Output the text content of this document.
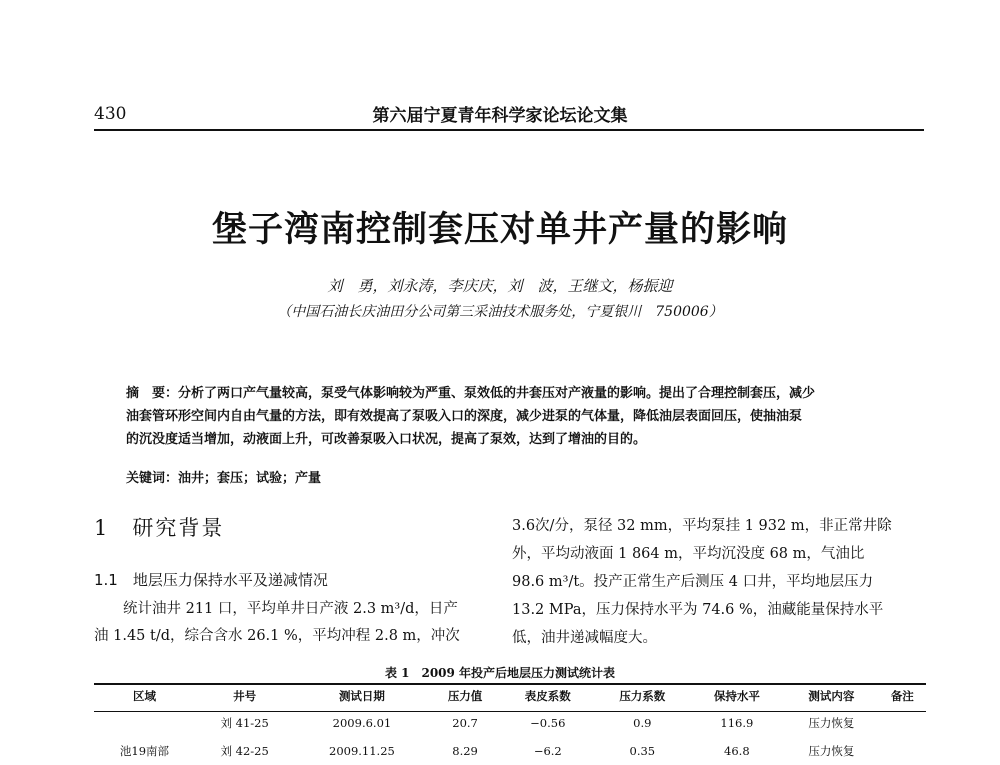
430	第六届宁夏青年科学家论坛论文集
堡子湾南控制套压对单井产量的影响
刘　勇，刘永涛，李庆庆，刘　波，王继文，杨振迎
（中国石油长庆油田分公司第三采油技术服务处，宁夏银川　750006）
摘　要：分析了两口产气量较高，泵受气体影响较为严重、泵效低的井套压对产液量的影响。提出了合理控制套压，减少
油套管环形空间内自由气量的方法，即有效提高了泵吸入口的深度，减少进泵的气体量，降低油层表面回压，使抽油泵
的沉没度适当增加，动液面上升，可改善泵吸入口状况，提高了泵效，达到了增油的目的。
关键词：油井；套压；试验；产量
1　研究背景
1.1　地层压力保持水平及递减情况
　　统计油井 211 口，平均单井日产液 2.3 m³/d，日产
油 1.45 t/d，综合含水 26.1 %，平均冲程 2.8 m，冲次
3.6次/分，泵径 32 mm，平均泵挂 1 932 m，非正常井除
外，平均动液面 1 864 m，平均沉没度 68 m，气油比
98.6 m³/t。投产正常生产后测压 4 口井，平均地层压力
13.2 MPa，压力保持水平为 74.6 %，油藏能量保持水平
低，油井递减幅度大。
表 1　2009 年投产后地层压力测试统计表
区域	井号	测试日期	压力值	表皮系数	压力系数	保持水平	测试内容	备注
	刘 41-25	2009.6.01	20.7	−0.56	0.9	116.9	压力恢复	
池19南部	刘 42-25	2009.11.25	8.29	−6.2	0.35	46.8	压力恢复	
